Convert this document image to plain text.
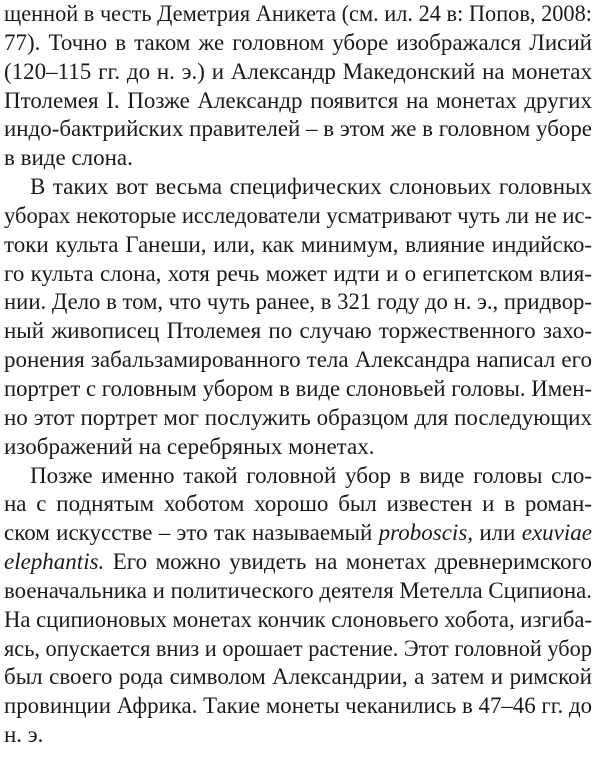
щенной в честь Деметрия Аникета (см. ил. 24 в: Попов, 2008:
77). Точно в таком же головном уборе изображался Лисий
(120–115 гг. до н. э.) и Александр Македонский на монетах
Птолемея I. Позже Александр появится на монетах других
индо-бактрийских правителей – в этом же в головном уборе
в виде слона.
В таких вот весьма специфических слоновьих головных
уборах некоторые исследователи усматривают чуть ли не ис-
токи культа Ганеши, или, как минимум, влияние индийско-
го культа слона, хотя речь может идти и о египетском влия-
нии. Дело в том, что чуть ранее, в 321 году до н. э., придвор-
ный живописец Птолемея по случаю торжественного захо-
ронения забальзамированного тела Александра написал его
портрет с головным убором в виде слоновьей головы. Имен-
но этот портрет мог послужить образцом для последующих
изображений на серебряных монетах.
Позже именно такой головной убор в виде головы сло-
на с поднятым хоботом хорошо был известен и в роман-
ском искусстве – это так называемый proboscis, или exuviae
elephantis. Его можно увидеть на монетах древнеримского
военачальника и политического деятеля Метелла Сципиона.
На сципионовых монетах кончик слоновьего хобота, изгиба-
ясь, опускается вниз и орошает растение. Этот головной убор
был своего рода символом Александрии, а затем и римской
провинции Африка. Такие монеты чеканились в 47–46 гг. до
н. э.
